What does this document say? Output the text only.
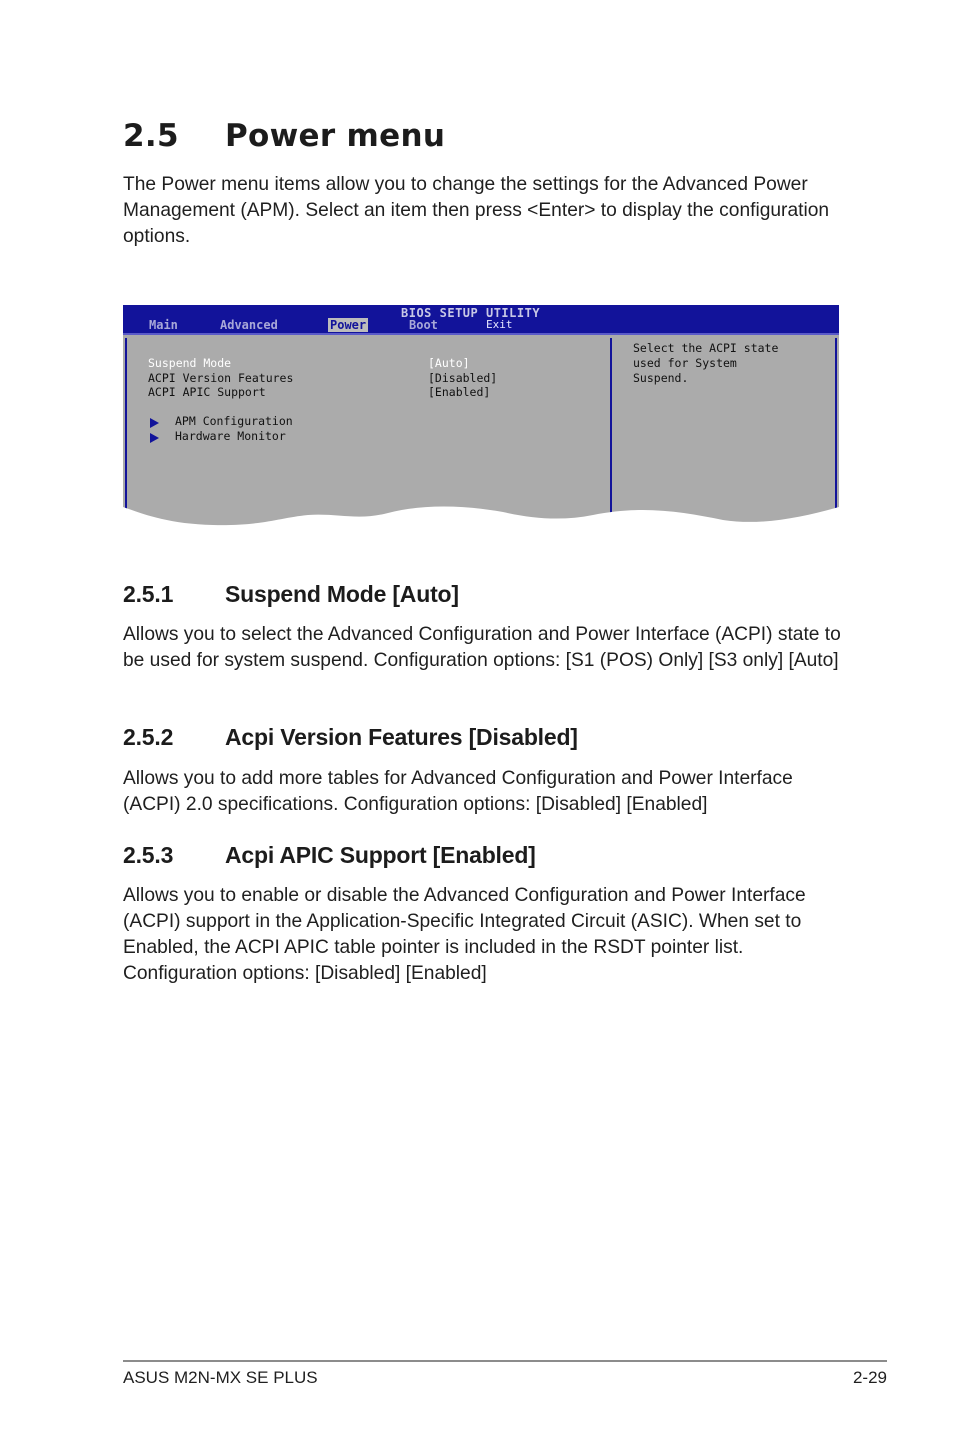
2.5 Power menu

The Power menu items allow you to change the settings for the Advanced Power Management (APM). Select an item then press <Enter> to display the configuration options.

BIOS SETUP UTILITY
Main	Advanced	Power	Boot	Exit
Suspend Mode	[Auto]
ACPI Version Features	[Disabled]
ACPI APIC Support	[Enabled]
APM Configuration
Hardware Monitor
Select the ACPI state
used for System
Suspend.
2.5.1 Suspend Mode [Auto]

Allows you to select the Advanced Configuration and Power Interface (ACPI) state to be used for system suspend. Configuration options: [S1 (POS) Only] [S3 only] [Auto]

2.5.2 Acpi Version Features [Disabled]

Allows you to add more tables for Advanced Configuration and Power Interface (ACPI) 2.0 specifications. Configuration options: [Disabled] [Enabled]

2.5.3 Acpi APIC Support [Enabled]

Allows you to enable or disable the Advanced Configuration and Power Interface (ACPI) support in the Application-Specific Integrated Circuit (ASIC). When set to Enabled, the ACPI APIC table pointer is included in the RSDT pointer list. Configuration options: [Disabled] [Enabled]

ASUS M2N-MX SE PLUS	2-29
